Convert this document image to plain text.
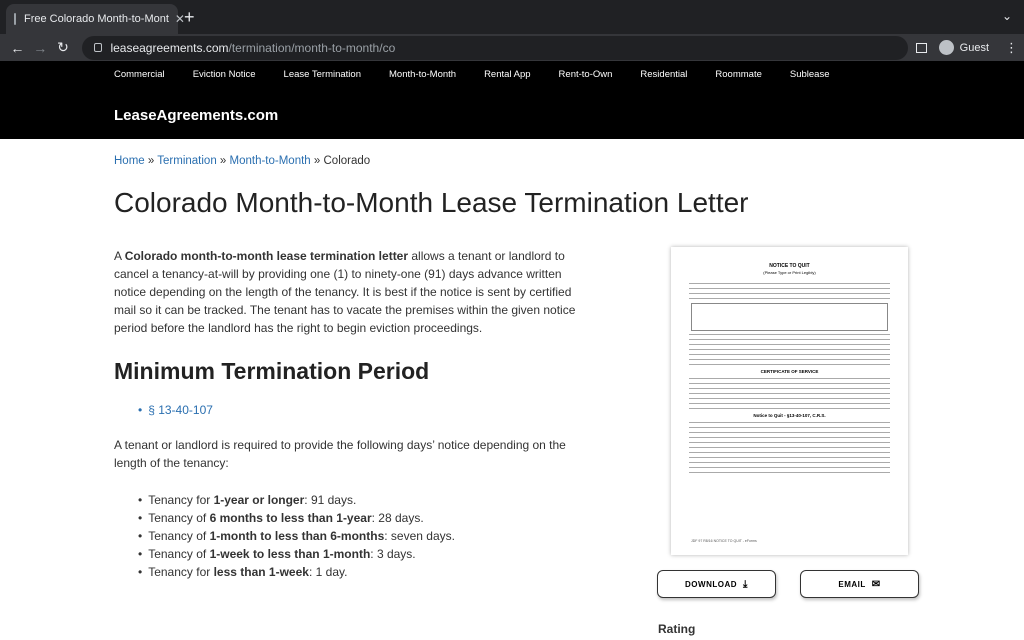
Free Colorado Month-to-Mont ✕ +	⌄
← → ↻	leaseagreements.com /termination/month-to-month/co	Guest ⋮
Commercial	Eviction Notice	Lease Termination	Month-to-Month	Rental App	Rent-to-Own	Residential	Roommate	Sublease
LeaseAgreements.com
Home » Termination » Month-to-Month » Colorado
Colorado Month-to-Month Lease Termination Letter

A Colorado month-to-month lease termination letter allows a tenant or landlord to cancel a tenancy-at-will by providing one (1) to ninety-one (91) days advance written notice depending on the length of the tenancy. It is best if the notice is sent by certified mail so it can be tracked. The tenant has to vacate the premises within the given notice period before the landlord has the right to begin eviction proceedings.

Minimum Termination Period
• § 13-40-107

A tenant or landlord is required to provide the following days’ notice depending on the length of the tenancy:

• Tenancy for 1-year or longer: 91 days.
• Tenancy of 6 months to less than 1-year: 28 days.
• Tenancy of 1-month to less than 6-months: seven days.
• Tenancy of 1-week to less than 1-month: 3 days.
• Tenancy for less than 1-week: 1 day.
NOTICE TO QUIT
(Please Type or Print Legibly)
CERTIFICATE OF SERVICE
Notice to Quit - §13-40-107, C.R.S.
JDF 97 R8/16 NOTICE TO QUIT - eForms
DOWNLOAD ⤓	EMAIL ✉
Rating
